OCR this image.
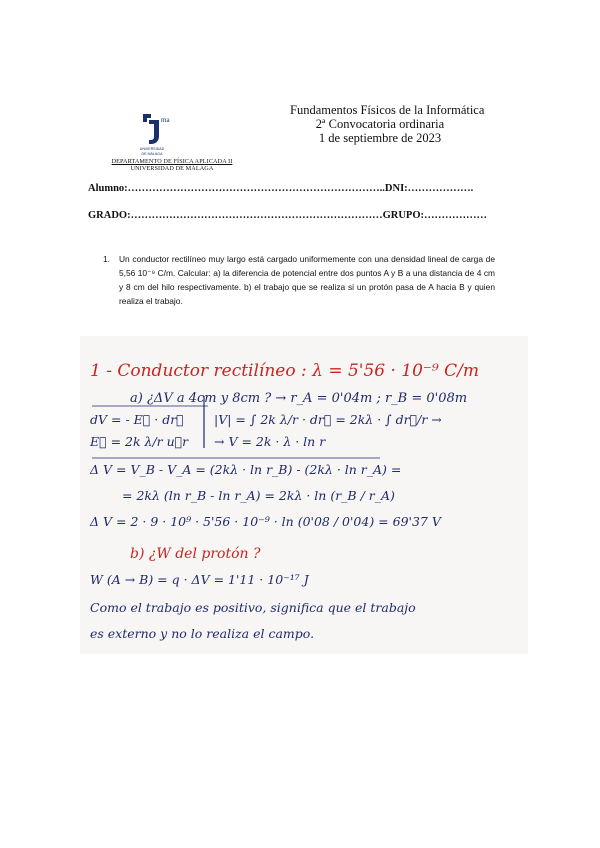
ma
UNIVERSIDAD
DE MÁLAGA
DEPARTAMENTO DE FÍSICA APLICADA II
UNIVERSIDAD DE MÁLAGA
Fundamentos Físicos de la Informática
2ª Convocatoria ordinaria
1 de septiembre de 2023
Alumno:………………………………………………………………..DNI:……………….
GRADO:………………………………………………………………GRUPO:………………
1. Un conductor rectilíneo muy largo está cargado uniformemente con una densidad lineal de carga de 5,56 10⁻⁹ C/m. Calcular: a) la diferencia de potencial entre dos puntos A y B a una distancia de 4 cm y 8 cm del hilo respectivamente. b) el trabajo que se realiza si un protón pasa de A hacia B y quien realiza el trabajo.
1 - Conductor rectilíneo : λ = 5'56 · 10⁻⁹ C/m
a) ¿ΔV a 4cm y 8cm ? → r_A = 0'04m ; r_B = 0'08m
dV = - E⃗ · dr⃗ |V| = ∫ 2k λ/r · dr⃗ = 2kλ · ∫ dr⃗/r →
E⃗ = 2k λ/r u⃗r → V = 2k · λ · ln r
Δ V = V_B - V_A = (2kλ · ln r_B) - (2kλ · ln r_A) =
= 2kλ (ln r_B - ln r_A) = 2kλ · ln (r_B / r_A)
Δ V = 2 · 9 · 10⁹ · 5'56 · 10⁻⁹ · ln (0'08 / 0'04) = 69'37 V
b) ¿W del protón ?
W (A → B) = q · ΔV = 1'11 · 10⁻¹⁷ J
Como el trabajo es positivo, significa que el trabajo
es externo y no lo realiza el campo.
